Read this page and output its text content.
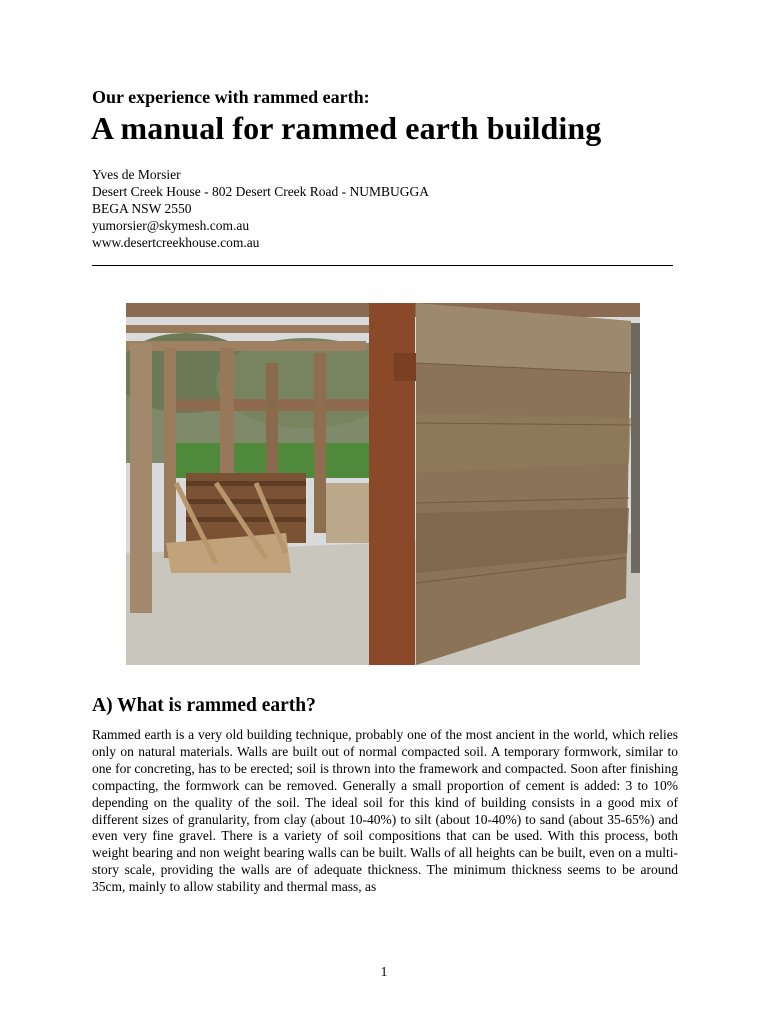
Our experience with rammed earth:
A manual for rammed earth building
Yves de Morsier
Desert Creek House - 802 Desert Creek Road - NUMBUGGA
BEGA NSW 2550
yumorsier@skymesh.com.au
www.desertcreekhouse.com.au
A) What is rammed earth?

Rammed earth is a very old building technique, probably one of the most ancient in the world, which relies only on natural materials. Walls are built out of normal compacted soil. A temporary formwork, similar to one for concreting, has to be erected; soil is thrown into the framework and compacted. Soon after finishing compacting, the formwork can be removed. Generally a small proportion of cement is added: 3 to 10% depending on the quality of the soil. The ideal soil for this kind of building consists in a good mix of different sizes of granularity, from clay (about 10-40%) to silt (about 10-40%) to sand (about 35-65%) and even very fine gravel. There is a variety of soil compositions that can be used. With this process, both weight bearing and non weight bearing walls can be built. Walls of all heights can be built, even on a multi-story scale, providing the walls are of adequate thickness. The minimum thickness seems to be around 35cm, mainly to allow stability and thermal mass, as

1
